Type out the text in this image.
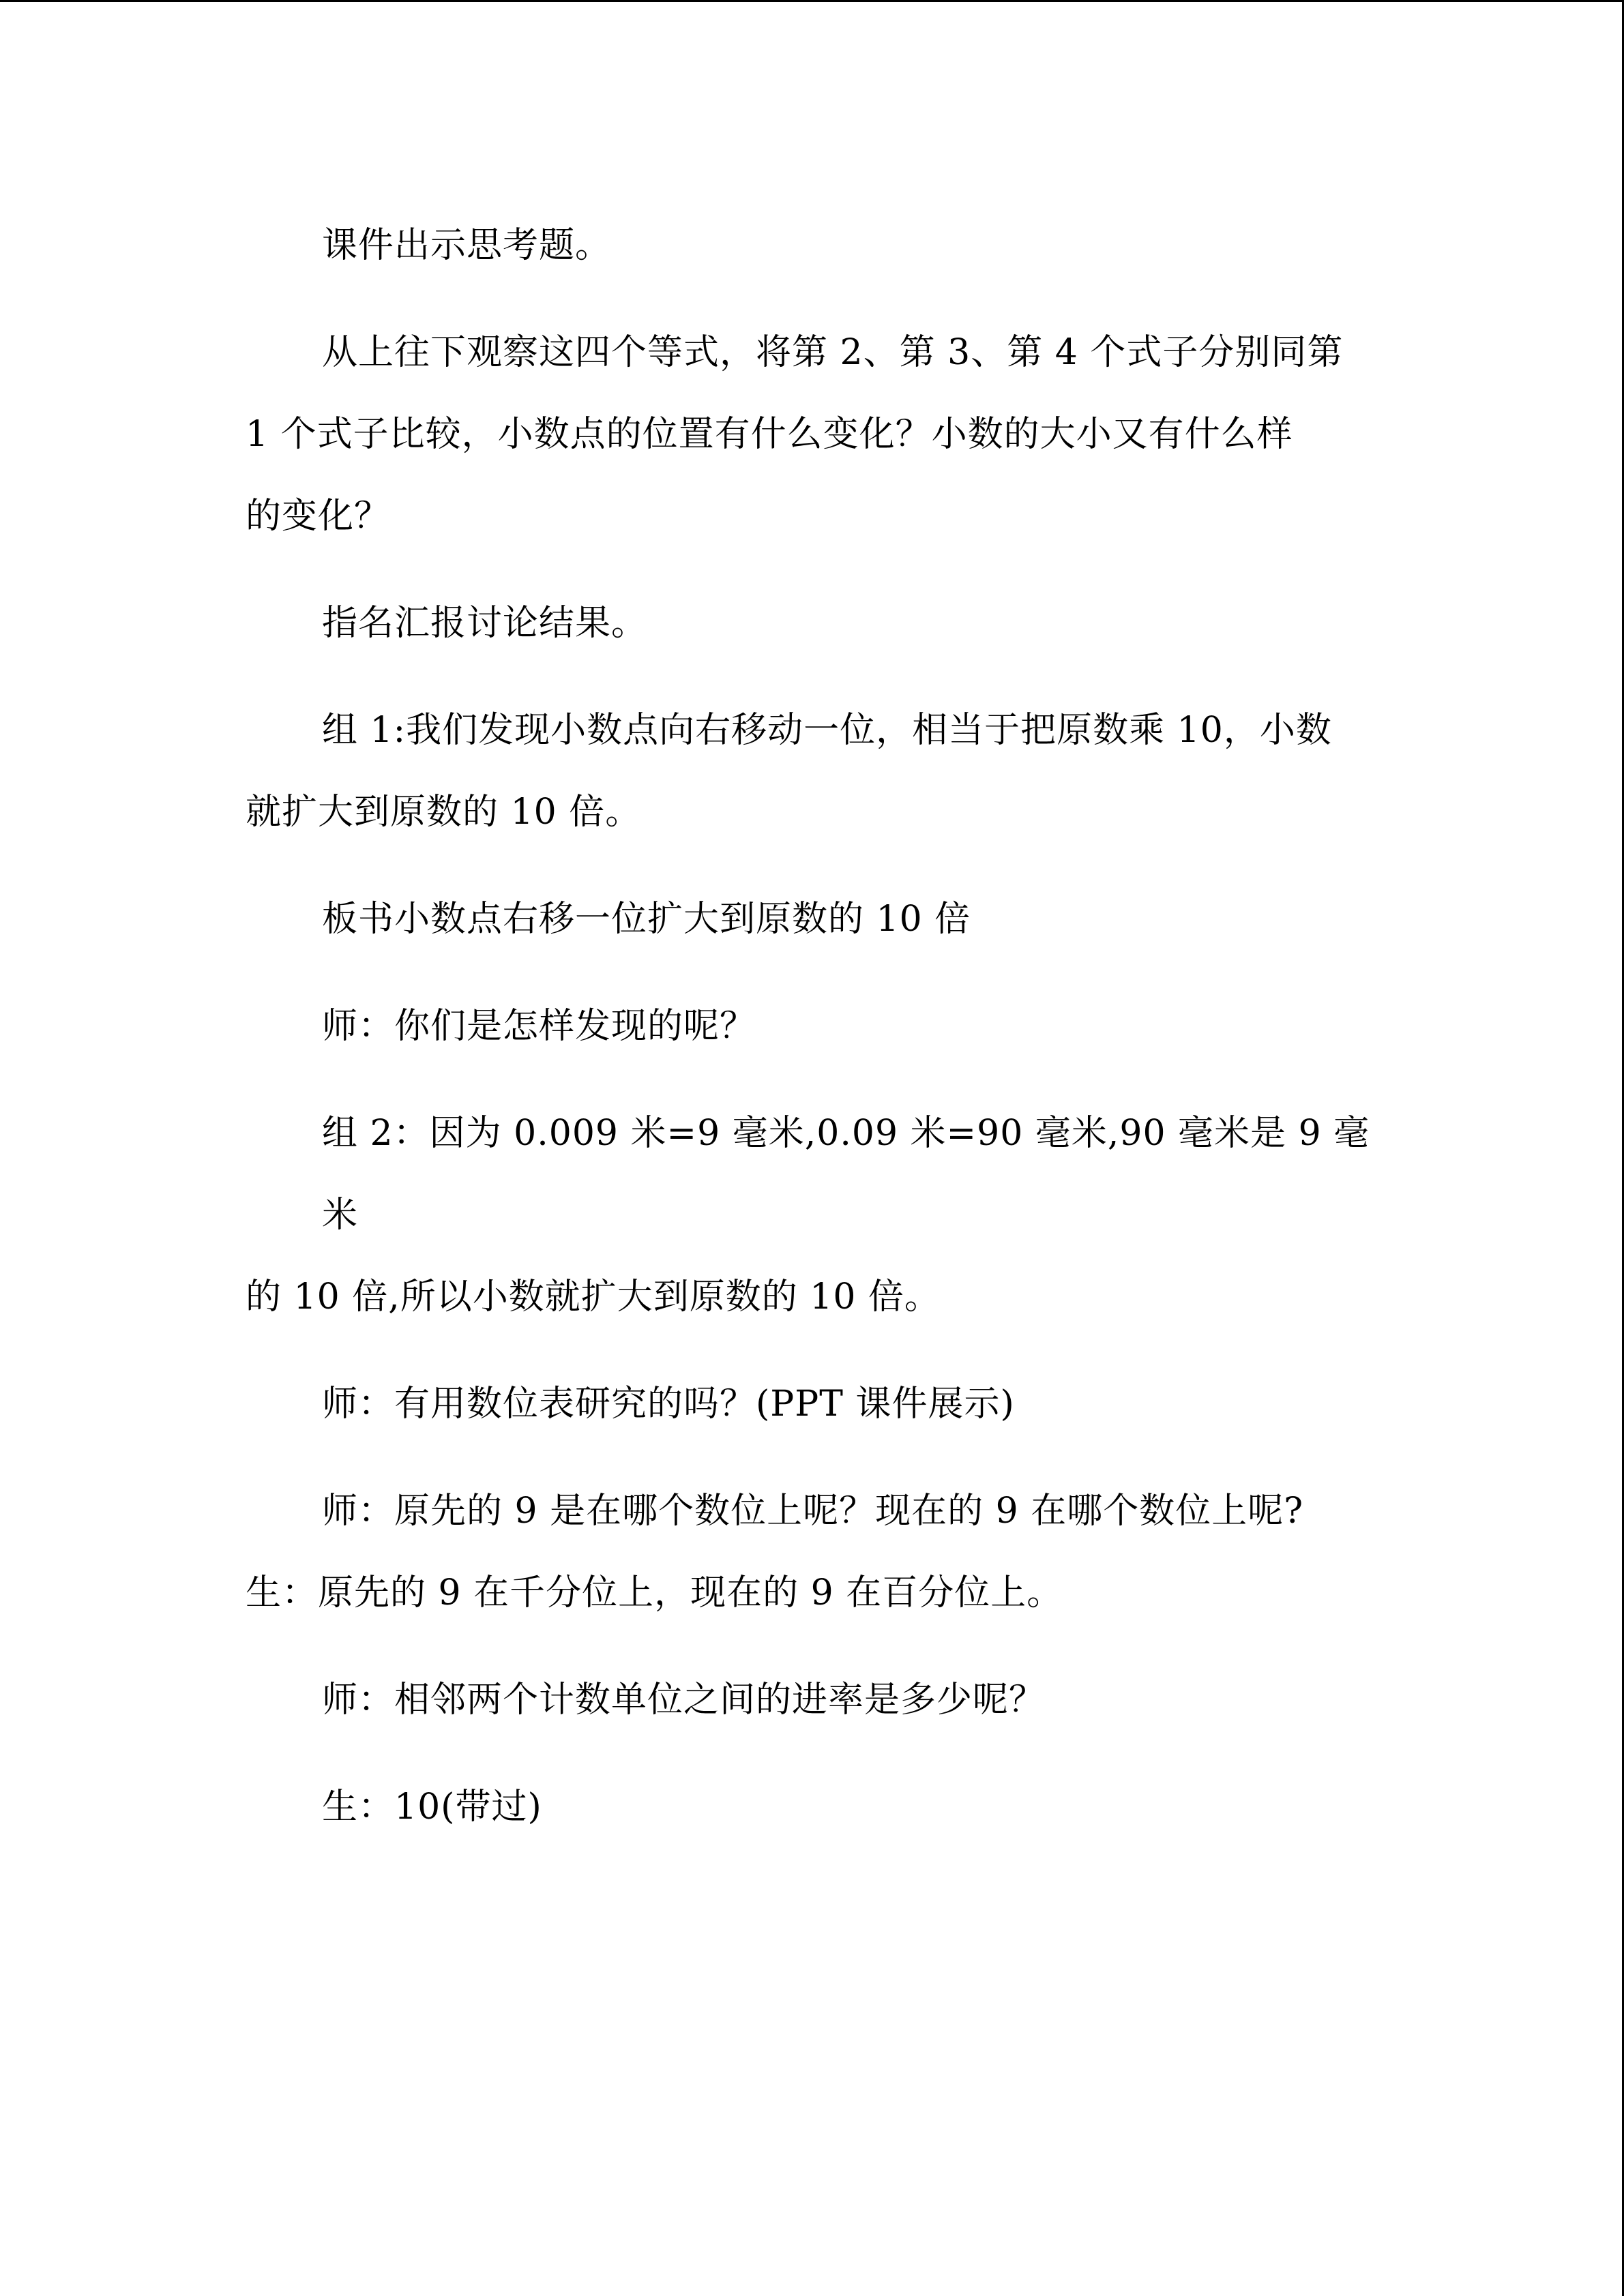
课件出示思考题。

从上往下观察这四个等式，将第 2、第 3、第 4 个式子分别同第
1 个式子比较，小数点的位置有什么变化？小数的大小又有什么样
的变化？

指名汇报讨论结果。

组 1:我们发现小数点向右移动一位，相当于把原数乘 10，小数
就扩大到原数的 10 倍。

板书小数点右移一位扩大到原数的 10 倍

师：你们是怎样发现的呢？

组 2：因为 0.009 米=9 毫米,0.09 米=90 毫米,90 毫米是 9 毫米
的 10 倍,所以小数就扩大到原数的 10 倍。

师：有用数位表研究的吗？(PPT 课件展示)

师：原先的 9 是在哪个数位上呢？现在的 9 在哪个数位上呢?
生：原先的 9 在千分位上，现在的 9 在百分位上。

师：相邻两个计数单位之间的进率是多少呢？

生：10(带过)
